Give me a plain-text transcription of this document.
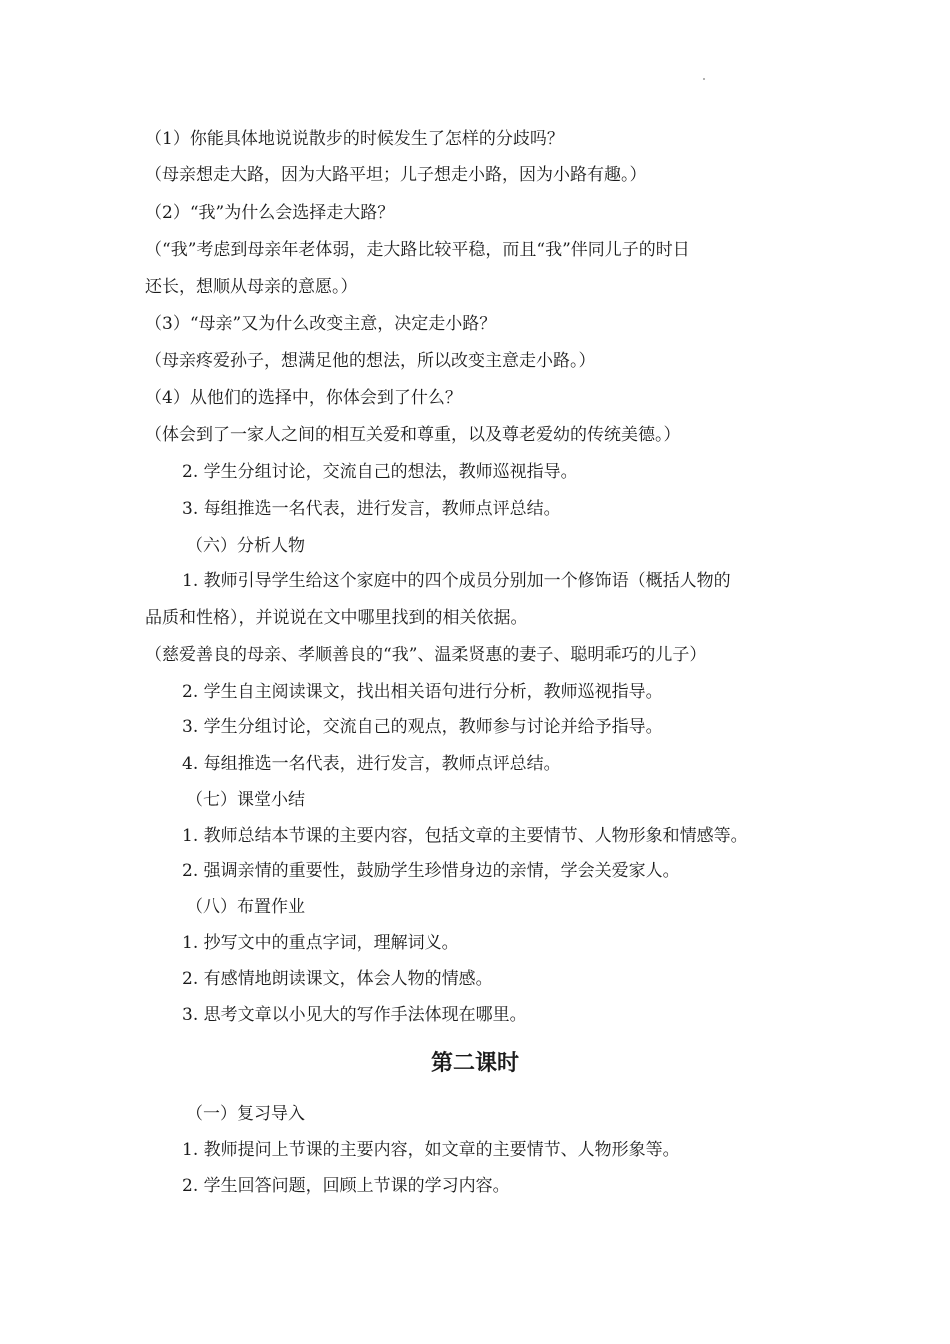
（1）你能具体地说说散步的时候发生了怎样的分歧吗？
（母亲想走大路，因为大路平坦；儿子想走小路，因为小路有趣。）
（2）“我”为什么会选择走大路？
（“我”考虑到母亲年老体弱，走大路比较平稳，而且“我”伴同儿子的时日
还长，想顺从母亲的意愿。）
（3）“母亲”又为什么改变主意，决定走小路？
（母亲疼爱孙子，想满足他的想法，所以改变主意走小路。）
（4）从他们的选择中，你体会到了什么？
（体会到了一家人之间的相互关爱和尊重，以及尊老爱幼的传统美德。）
2. 学生分组讨论，交流自己的想法，教师巡视指导。
3. 每组推选一名代表，进行发言，教师点评总结。
（六）分析人物
1. 教师引导学生给这个家庭中的四个成员分别加一个修饰语（概括人物的
品质和性格），并说说在文中哪里找到的相关依据。
（慈爱善良的母亲、孝顺善良的“我”、温柔贤惠的妻子、聪明乖巧的儿子）
2. 学生自主阅读课文，找出相关语句进行分析，教师巡视指导。
3. 学生分组讨论，交流自己的观点，教师参与讨论并给予指导。
4. 每组推选一名代表，进行发言，教师点评总结。
（七）课堂小结
1. 教师总结本节课的主要内容，包括文章的主要情节、人物形象和情感等。
2. 强调亲情的重要性，鼓励学生珍惜身边的亲情，学会关爱家人。
（八）布置作业
1. 抄写文中的重点字词，理解词义。
2. 有感情地朗读课文，体会人物的情感。
3. 思考文章以小见大的写作手法体现在哪里。
第二课时
（一）复习导入
1. 教师提问上节课的主要内容，如文章的主要情节、人物形象等。
2. 学生回答问题，回顾上节课的学习内容。
